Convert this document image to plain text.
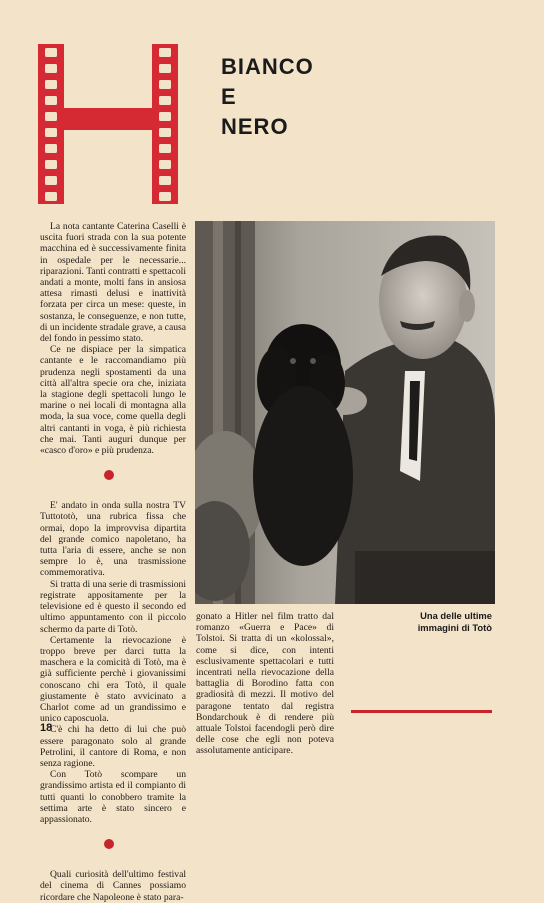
BIANCO
E
NERO

La nota cantante Caterina Caselli è uscita fuori strada con la sua potente macchina ed è successivamente finita in ospedale per le necessarie... riparazioni. Tanti contratti e spettacoli andati a monte, molti fans in ansiosa attesa rimasti delusi e inattività forzata per circa un mese: queste, in sostanza, le conseguenze, e non tutte, di un incidente stradale grave, a causa del fondo in pessimo stato.

Ce ne dispiace per la simpatica cantante e le raccomandiamo più prudenza negli spostamenti da una città all'altra specie ora che, iniziata la stagione degli spettacoli lungo le marine o nei locali di montagna alla moda, la sua voce, come quella degli altri cantanti in voga, è più richiesta che mai. Tanti auguri dunque per «casco d'oro» e più prudenza.

E' andato in onda sulla nostra TV Tuttototò, una rubrica fissa che ormai, dopo la improvvisa dipartita del grande comico napoletano, ha tutta l'aria di essere, anche se non sempre lo è, una trasmissione commemorativa.

Si tratta di una serie di trasmissioni registrate appositamente per la televisione ed è questo il secondo ed ultimo appuntamento con il piccolo schermo da parte di Totò.

Certamente la rievocazione è troppo breve per darci tutta la maschera e la comicità di Totò, ma è già sufficiente perchè i giovanissimi conoscano chi era Totò, il quale giustamente è stato avvicinato a Charlot come ad un grandissimo e unico caposcuola.

C'è chi ha detto di lui che può essere paragonato solo al grande Petrolini, il cantore di Roma, e non senza ragione.

Con Totò scompare un grandissimo artista ed il compianto di tutti quanti lo conobbero tramite la settima arte è stato sincero e appassionato.

Quali curiosità dell'ultimo festival del cinema di Cannes possiamo ricordare che Napoleone è stato para-

gonato a Hitler nel film tratto dal romanzo «Guerra e Pace» di Tolstoi. Si tratta di un «kolossal», come si dice, con intenti esclusivamente spettacolari e tutti incentrati nella rievocazione della battaglia di Borodino fatta con gradiosità di mezzi. Il motivo del paragone tentato dal registra Bondarchouk è di rendere più attuale Tolstoi facendogli però dire delle cose che egli non poteva assolutamente anticipare.

Una delle ultime
immagini di Totò
18
